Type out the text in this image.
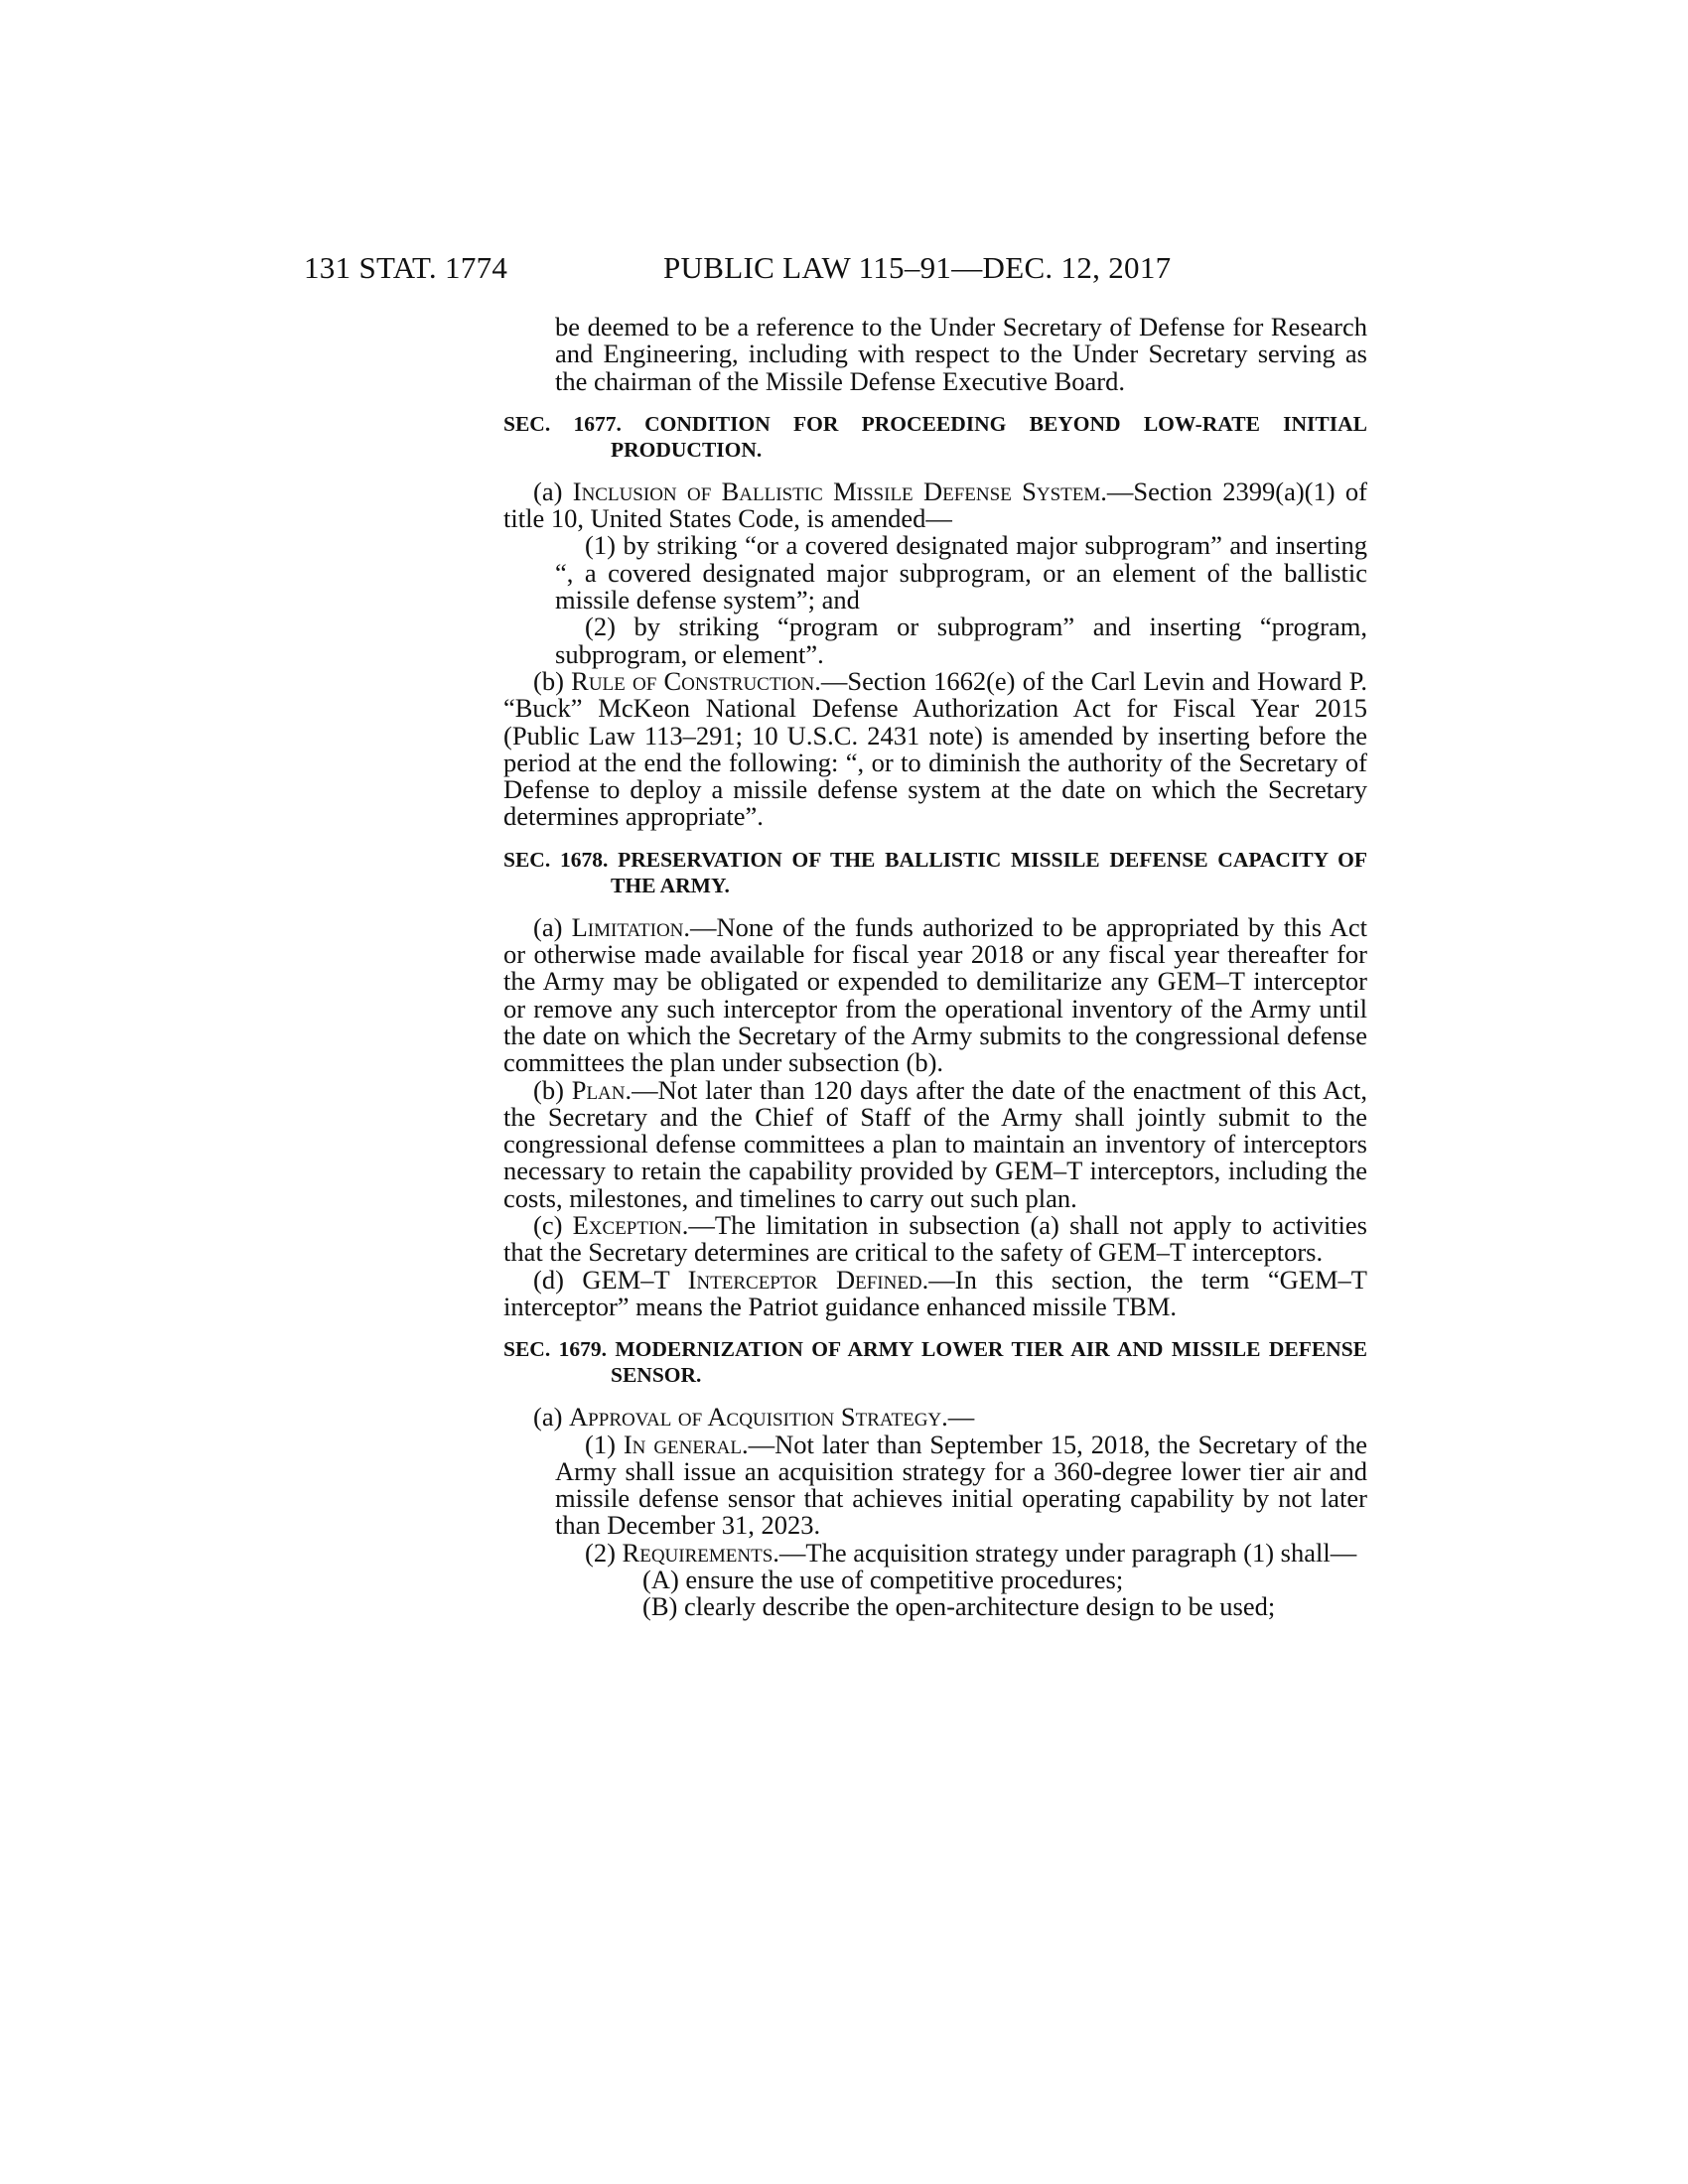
131 STAT. 1774	PUBLIC LAW 115–91—DEC. 12, 2017

be deemed to be a reference to the Under Secretary of Defense for Research and Engineering, including with respect to the Under Secretary serving as the chairman of the Missile Defense Executive Board.

SEC. 1677. CONDITION FOR PROCEEDING BEYOND LOW-RATE INITIAL PRODUCTION.

(a) Inclusion of Ballistic Missile Defense System.—Section 2399(a)(1) of title 10, United States Code, is amended—

(1) by striking “or a covered designated major subprogram” and inserting “, a covered designated major subprogram, or an element of the ballistic missile defense system”; and

(2) by striking “program or subprogram” and inserting “program, subprogram, or element”.

(b) Rule of Construction.—Section 1662(e) of the Carl Levin and Howard P. “Buck” McKeon National Defense Authorization Act for Fiscal Year 2015 (Public Law 113–291; 10 U.S.C. 2431 note) is amended by inserting before the period at the end the following: “, or to diminish the authority of the Secretary of Defense to deploy a missile defense system at the date on which the Secretary determines appropriate”.

SEC. 1678. PRESERVATION OF THE BALLISTIC MISSILE DEFENSE CAPACITY OF THE ARMY.

(a) Limitation.—None of the funds authorized to be appropriated by this Act or otherwise made available for fiscal year 2018 or any fiscal year thereafter for the Army may be obligated or expended to demilitarize any GEM–T interceptor or remove any such interceptor from the operational inventory of the Army until the date on which the Secretary of the Army submits to the congressional defense committees the plan under subsection (b).

(b) Plan.—Not later than 120 days after the date of the enactment of this Act, the Secretary and the Chief of Staff of the Army shall jointly submit to the congressional defense committees a plan to maintain an inventory of interceptors necessary to retain the capability provided by GEM–T interceptors, including the costs, milestones, and timelines to carry out such plan.

(c) Exception.—The limitation in subsection (a) shall not apply to activities that the Secretary determines are critical to the safety of GEM–T interceptors.

(d) GEM–T Interceptor Defined.—In this section, the term “GEM–T interceptor” means the Patriot guidance enhanced missile TBM.

SEC. 1679. MODERNIZATION OF ARMY LOWER TIER AIR AND MISSILE DEFENSE SENSOR.

(a) Approval of Acquisition Strategy.—

(1) In general.—Not later than September 15, 2018, the Secretary of the Army shall issue an acquisition strategy for a 360-degree lower tier air and missile defense sensor that achieves initial operating capability by not later than December 31, 2023.

(2) Requirements.—The acquisition strategy under paragraph (1) shall—

(A) ensure the use of competitive procedures;

(B) clearly describe the open-architecture design to be used;
